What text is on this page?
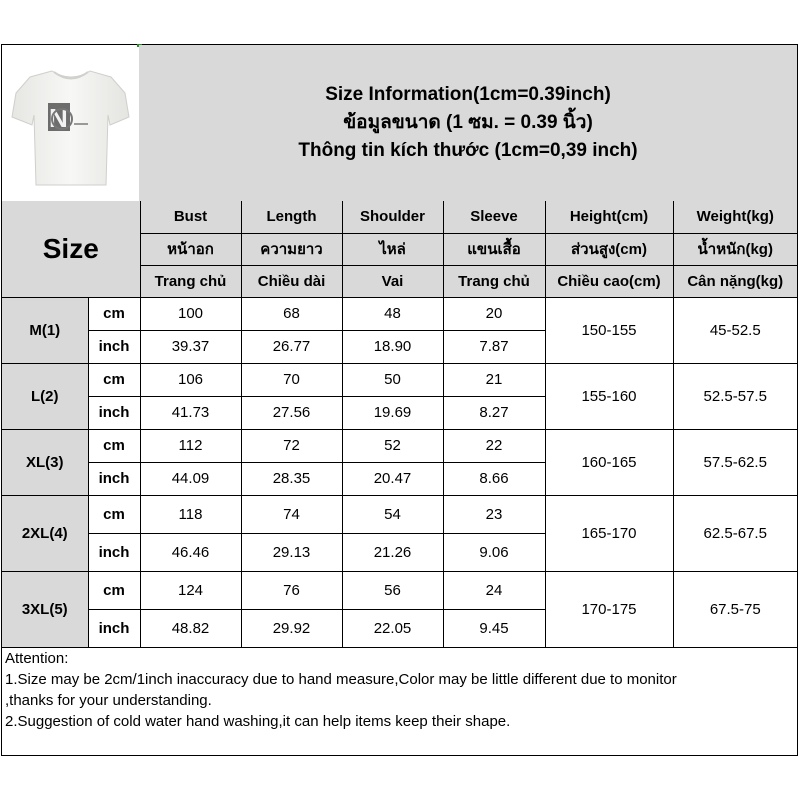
N
Size Information(1cm=0.39inch)
ข้อมูลขนาด (1 ซม. = 0.39 นิ้ว)
Thông tin kích thước (1cm=0,39 inch)
Size		Bust	Length	Shoulder	Sleeve	Height(cm)	Weight(kg)
		หน้าอก	ความยาว	ไหล่	แขนเสื้อ	ส่วนสูง(cm)	น้ำหนัก(kg)
		Trang chủ	Chiều dài	Vai	Trang chủ	Chiều cao(cm)	Cân nặng(kg)
M(1)	cm	100	68	48	20	150-155	45-52.5
	inch	39.37	26.77	18.90	7.87		
L(2)	cm	106	70	50	21	155-160	52.5-57.5
	inch	41.73	27.56	19.69	8.27		
XL(3)	cm	112	72	52	22	160-165	57.5-62.5
	inch	44.09	28.35	20.47	8.66		
2XL(4)	cm	118	74	54	23	165-170	62.5-67.5
	inch	46.46	29.13	21.26	9.06		
3XL(5)	cm	124	76	56	24	170-175	67.5-75
	inch	48.82	29.92	22.05	9.45		
Attention:
1.Size may be 2cm/1inch inaccuracy due to hand measure,Color may be little different due to monitor
,thanks for your understanding.
2.Suggestion of cold water hand washing,it can help items keep their shape.
